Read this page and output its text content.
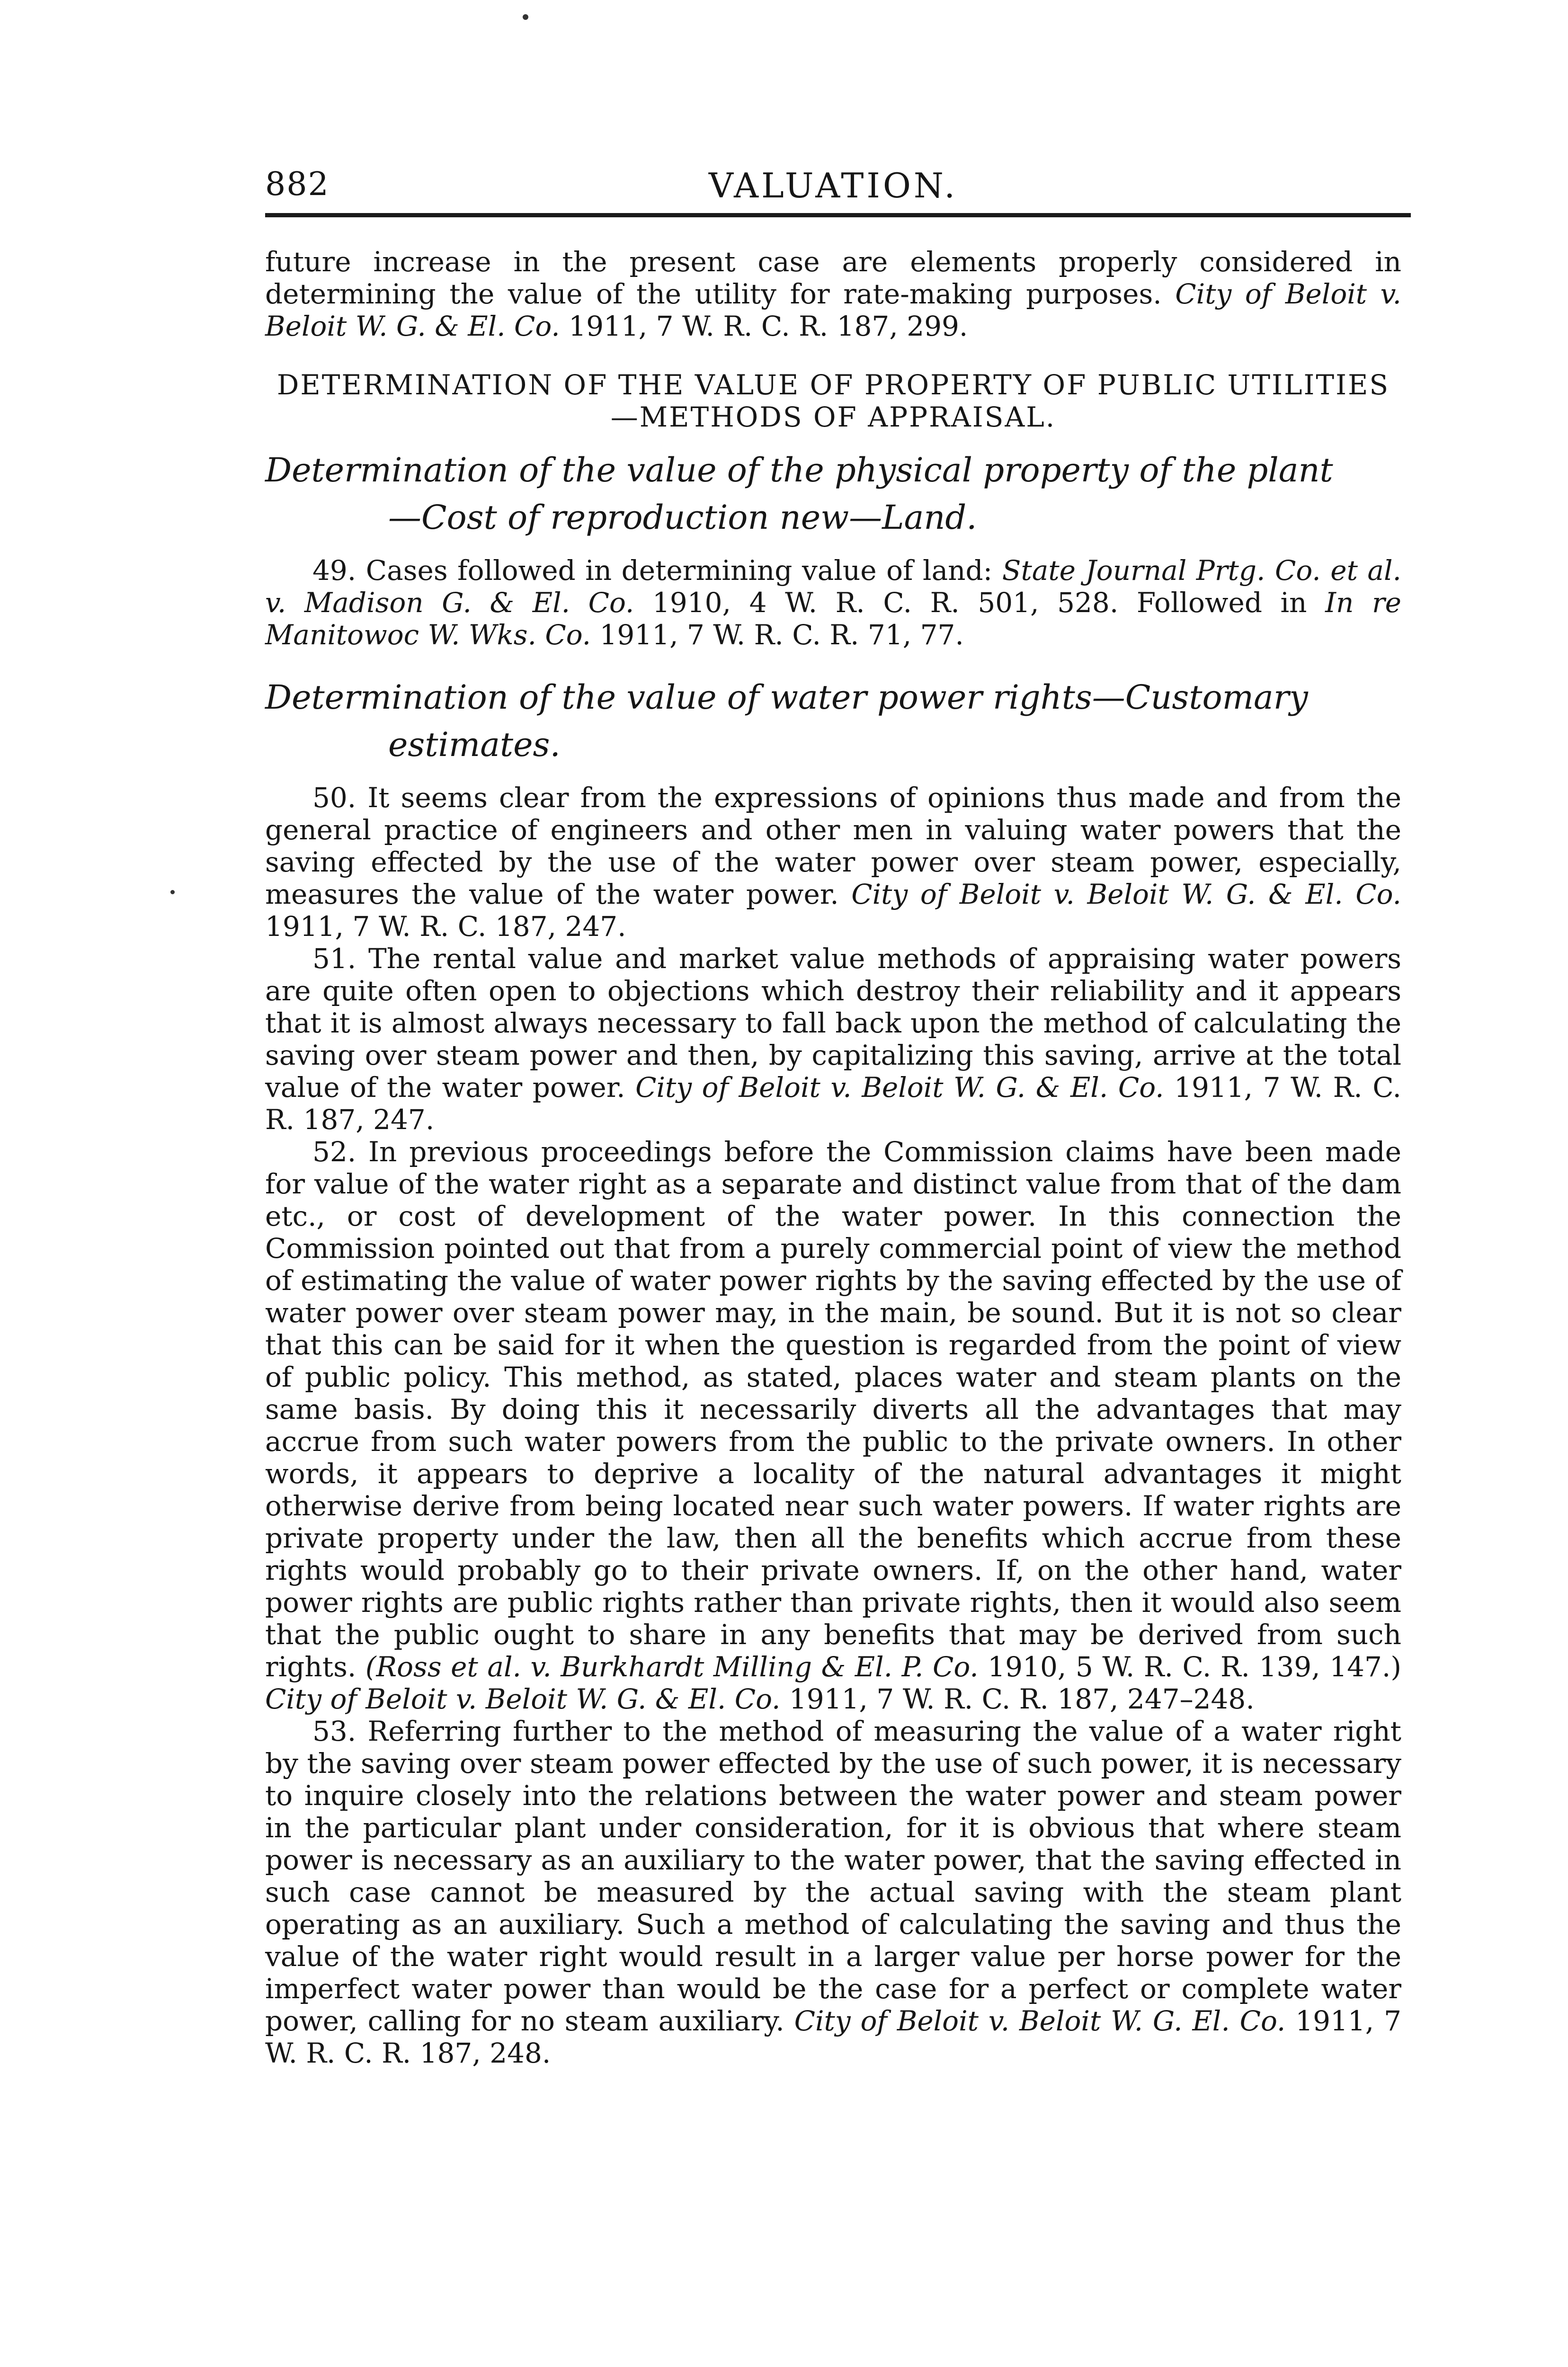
882	VALUATION.

future increase in the present case are elements properly considered in determining the value of the utility for rate-making purposes. City of Beloit v. Beloit W. G. & El. Co. 1911, 7 W. R. C. R. 187, 299.

DETERMINATION OF THE VALUE OF PROPERTY OF PUBLIC UTILITIES—METHODS OF APPRAISAL.
Determination of the value of the physical property of the plant
—Cost of reproduction new—Land.

49. Cases followed in determining value of land: State Journal Prtg. Co. et al. v. Madison G. & El. Co. 1910, 4 W. R. C. R. 501, 528. Followed in In re Manitowoc W. Wks. Co. 1911, 7 W. R. C. R. 71, 77.

Determination of the value of water power rights—Customary
estimates.

50. It seems clear from the expressions of opinions thus made and from the general practice of engineers and other men in valuing water powers that the saving effected by the use of the water power over steam power, especially, measures the value of the water power. City of Beloit v. Beloit W. G. & El. Co. 1911, 7 W. R. C. 187, 247.

51. The rental value and market value methods of appraising water powers are quite often open to objections which destroy their reliability and it appears that it is almost always necessary to fall back upon the method of calculating the saving over steam power and then, by capitalizing this saving, arrive at the total value of the water power. City of Beloit v. Beloit W. G. & El. Co. 1911, 7 W. R. C. R. 187, 247.

52. In previous proceedings before the Commission claims have been made for value of the water right as a separate and distinct value from that of the dam etc., or cost of development of the water power. In this connection the Commission pointed out that from a purely commercial point of view the method of estimating the value of water power rights by the saving effected by the use of water power over steam power may, in the main, be sound. But it is not so clear that this can be said for it when the question is regarded from the point of view of public policy. This method, as stated, places water and steam plants on the same basis. By doing this it necessarily diverts all the advantages that may accrue from such water powers from the public to the private owners. In other words, it appears to deprive a locality of the natural advantages it might otherwise derive from being located near such water powers. If water rights are private property under the law, then all the benefits which accrue from these rights would probably go to their private owners. If, on the other hand, water power rights are public rights rather than private rights, then it would also seem that the public ought to share in any benefits that may be derived from such rights. (Ross et al. v. Burkhardt Milling & El. P. Co. 1910, 5 W. R. C. R. 139, 147.) City of Beloit v. Beloit W. G. & El. Co. 1911, 7 W. R. C. R. 187, 247–248.

53. Referring further to the method of measuring the value of a water right by the saving over steam power effected by the use of such power, it is necessary to inquire closely into the relations between the water power and steam power in the particular plant under consideration, for it is obvious that where steam power is necessary as an auxiliary to the water power, that the saving effected in such case cannot be measured by the actual saving with the steam plant operating as an auxiliary. Such a method of calculating the saving and thus the value of the water right would result in a larger value per horse power for the imperfect water power than would be the case for a perfect or complete water power, calling for no steam auxiliary. City of Beloit v. Beloit W. G. El. Co. 1911, 7 W. R. C. R. 187, 248.
